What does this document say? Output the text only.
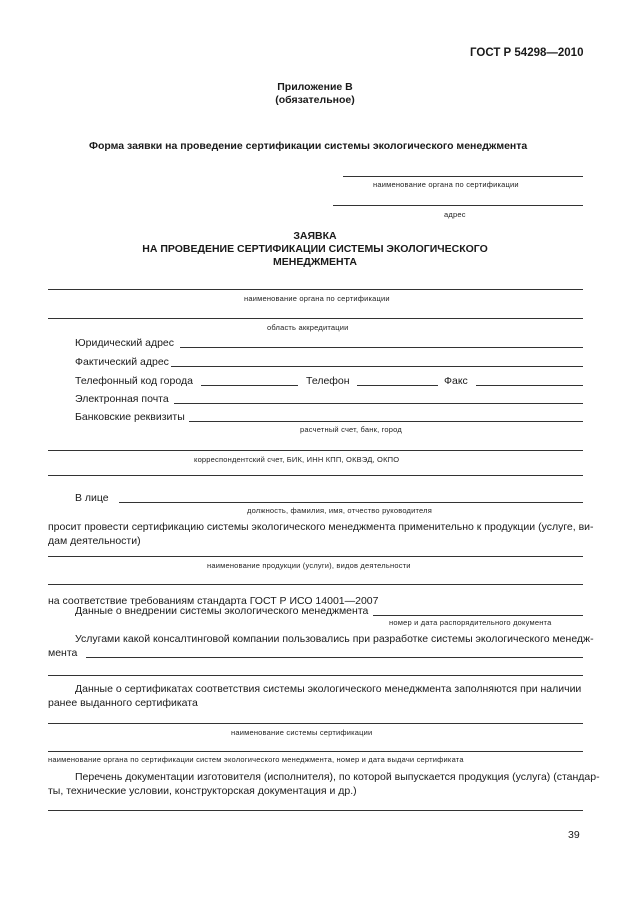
ГОСТ Р 54298—2010
Приложение В
(обязательное)
Форма заявки на проведение сертификации системы экологического менеджмента
наименование органа по сертификации
адрес
ЗАЯВКА
НА ПРОВЕДЕНИЕ СЕРТИФИКАЦИИ СИСТЕМЫ ЭКОЛОГИЧЕСКОГО
МЕНЕДЖМЕНТА
наименование органа по сертификации
область аккредитации
Юридический адрес
Фактический адрес
Телефонный код города	Телефон	Факс
Электронная почта
Банковские реквизиты
расчетный счет, банк, город
корреспондентский счет, БИК, ИНН КПП, ОКВЭД, ОКПО
В лице
должность, фамилия, имя, отчество руководителя
просит провести сертификацию системы экологического менеджмента применительно к продукции (услуге, ви-
дам деятельности)
наименование продукции (услуги), видов деятельности
на соответствие требованиям стандарта ГОСТ Р ИСО 14001—2007
Данные о внедрении системы экологического менеджмента
номер и дата распорядительного документа
Услугами какой консалтинговой компании пользовались при разработке системы экологического менедж-
мента
Данные о сертификатах соответствия системы экологического менеджмента заполняются при наличии
ранее выданного сертификата
наименование системы сертификации
наименование органа по сертификации систем экологического менеджмента, номер и дата выдачи сертификата
Перечень документации изготовителя (исполнителя), по которой выпускается продукция (услуга) (стандар-
ты, технические условии, конструкторская документация и др.)
39
